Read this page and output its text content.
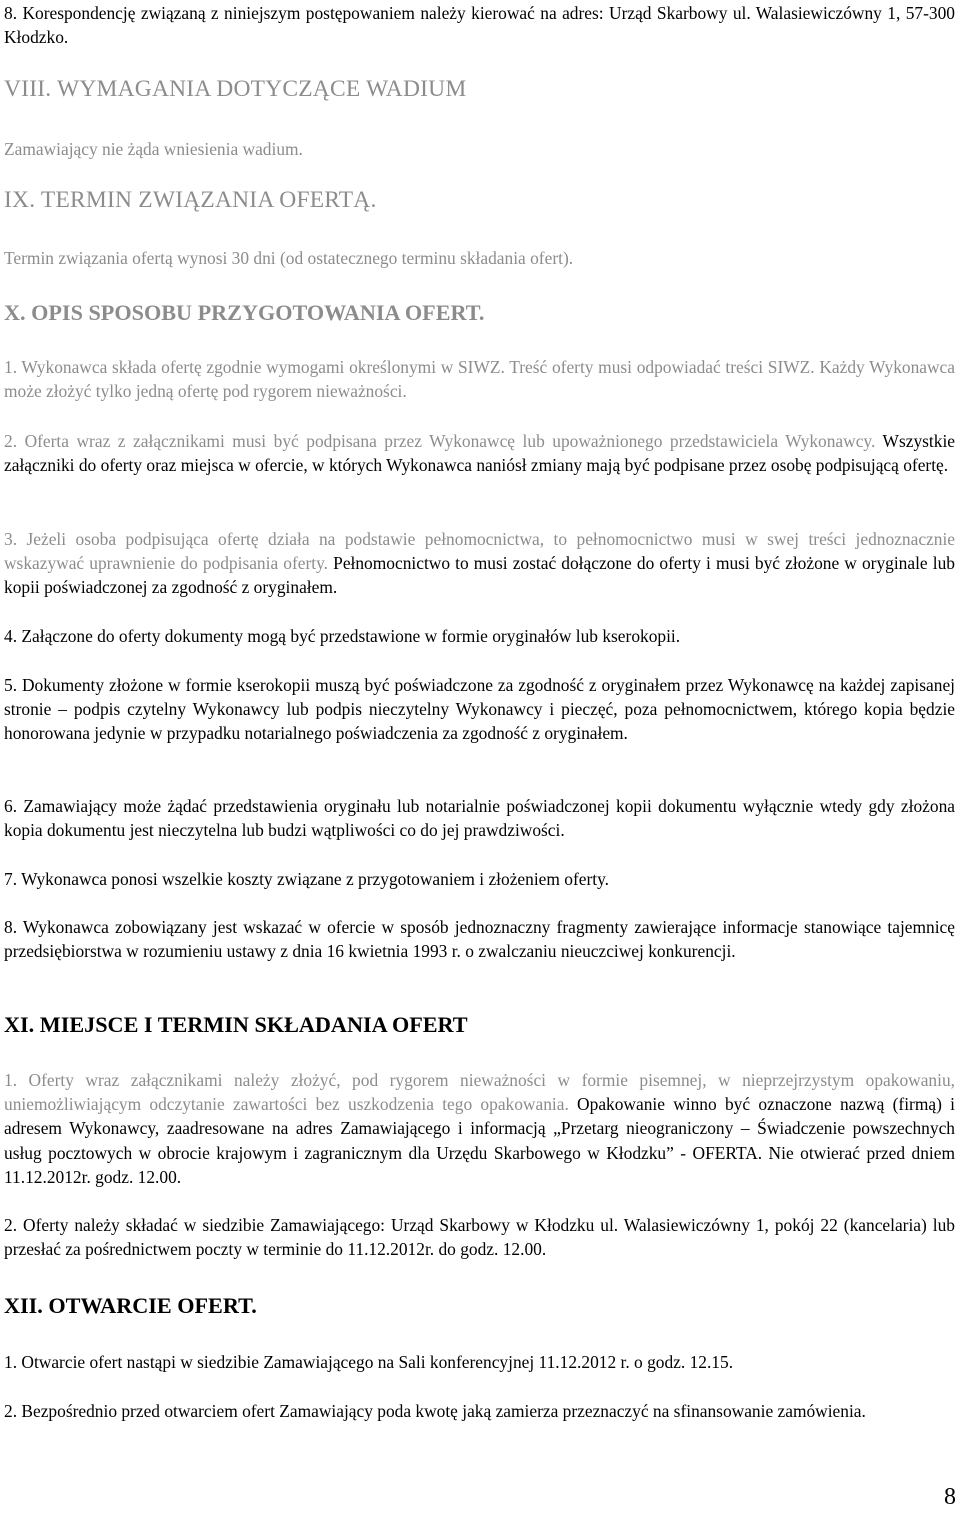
8. Korespondencję związaną z niniejszym postępowaniem należy kierować na adres: Urząd Skarbowy ul. Walasiewiczówny 1, 57-300 Kłodzko.

VIII. WYMAGANIA DOTYCZĄCE WADIUM
Zamawiający nie żąda wniesienia wadium.
IX. TERMIN ZWIĄZANIA OFERTĄ.
Termin związania ofertą wynosi 30 dni (od ostatecznego terminu składania ofert).
X. OPIS SPOSOBU PRZYGOTOWANIA OFERT.

1. Wykonawca składa ofertę zgodnie wymogami określonymi w SIWZ. Treść oferty musi odpowiadać treści SIWZ. Każdy Wykonawca może złożyć tylko jedną ofertę pod rygorem nieważności.

2. Oferta wraz z załącznikami musi być podpisana przez Wykonawcę lub upoważnionego przedstawiciela Wykonawcy. Wszystkie załączniki do oferty oraz miejsca w ofercie, w których Wykonawca naniósł zmiany mają być podpisane przez osobę podpisującą ofertę.

3. Jeżeli osoba podpisująca ofertę działa na podstawie pełnomocnictwa, to pełnomocnictwo musi w swej treści jednoznacznie wskazywać uprawnienie do podpisania oferty. Pełnomocnictwo to musi zostać dołączone do oferty i musi być złożone w oryginale lub kopii poświadczonej za zgodność z oryginałem.

4. Załączone do oferty dokumenty mogą być przedstawione w formie oryginałów lub kserokopii.

5. Dokumenty złożone w formie kserokopii muszą być poświadczone za zgodność z oryginałem przez Wykonawcę na każdej zapisanej stronie – podpis czytelny Wykonawcy lub podpis nieczytelny Wykonawcy i pieczęć, poza pełnomocnictwem, którego kopia będzie honorowana jedynie w przypadku notarialnego poświadczenia za zgodność z oryginałem.

6. Zamawiający może żądać przedstawienia oryginału lub notarialnie poświadczonej kopii dokumentu wyłącznie wtedy gdy złożona kopia dokumentu jest nieczytelna lub budzi wątpliwości co do jej prawdziwości.

7. Wykonawca ponosi wszelkie koszty związane z przygotowaniem i złożeniem oferty.

8. Wykonawca zobowiązany jest wskazać w ofercie w sposób jednoznaczny fragmenty zawierające informacje stanowiące tajemnicę przedsiębiorstwa w rozumieniu ustawy z dnia 16 kwietnia 1993 r. o zwalczaniu nieuczciwej konkurencji.

XI. MIEJSCE I TERMIN SKŁADANIA OFERT

1. Oferty wraz załącznikami należy złożyć, pod rygorem nieważności w formie pisemnej, w nieprzejrzystym opakowaniu, uniemożliwiającym odczytanie zawartości bez uszkodzenia tego opakowania. Opakowanie winno być oznaczone nazwą (firmą) i adresem Wykonawcy, zaadresowane na adres Zamawiającego i informacją „Przetarg nieograniczony – Świadczenie powszechnych usług pocztowych w obrocie krajowym i zagranicznym dla Urzędu Skarbowego w Kłodzku” - OFERTA. Nie otwierać przed dniem 11.12.2012r. godz. 12.00.

2. Oferty należy składać w siedzibie Zamawiającego: Urząd Skarbowy w Kłodzku ul. Walasiewiczówny 1, pokój 22 (kancelaria) lub przesłać za pośrednictwem poczty w terminie do 11.12.2012r. do godz. 12.00.

XII. OTWARCIE OFERT.

1. Otwarcie ofert nastąpi w siedzibie Zamawiającego na Sali konferencyjnej 11.12.2012 r. o godz. 12.15.

2. Bezpośrednio przed otwarciem ofert Zamawiający poda kwotę jaką zamierza przeznaczyć na sfinansowanie zamówienia.

8
